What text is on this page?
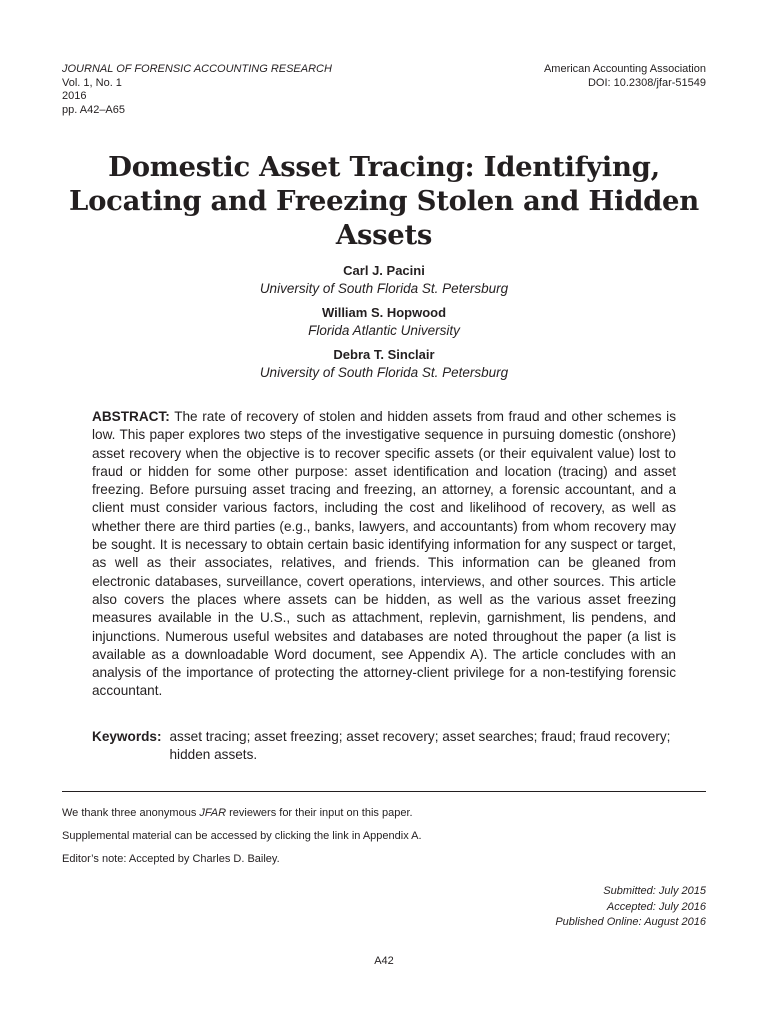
JOURNAL OF FORENSIC ACCOUNTING RESEARCH
Vol. 1, No. 1
2016
pp. A42–A65
American Accounting Association
DOI: 10.2308/jfar-51549
Domestic Asset Tracing: Identifying, Locating and Freezing Stolen and Hidden Assets
Carl J. Pacini
University of South Florida St. Petersburg
William S. Hopwood
Florida Atlantic University
Debra T. Sinclair
University of South Florida St. Petersburg

ABSTRACT: The rate of recovery of stolen and hidden assets from fraud and other schemes is low. This paper explores two steps of the investigative sequence in pursuing domestic (onshore) asset recovery when the objective is to recover specific assets (or their equivalent value) lost to fraud or hidden for some other purpose: asset identification and location (tracing) and asset freezing. Before pursuing asset tracing and freezing, an attorney, a forensic accountant, and a client must consider various factors, including the cost and likelihood of recovery, as well as whether there are third parties (e.g., banks, lawyers, and accountants) from whom recovery may be sought. It is necessary to obtain certain basic identifying information for any suspect or target, as well as their associates, relatives, and friends. This information can be gleaned from electronic databases, surveillance, covert operations, interviews, and other sources. This article also covers the places where assets can be hidden, as well as the various asset freezing measures available in the U.S., such as attachment, replevin, garnishment, lis pendens, and injunctions. Numerous useful websites and databases are noted throughout the paper (a list is available as a downloadable Word document, see Appendix A). The article concludes with an analysis of the importance of protecting the attorney-client privilege for a non-testifying forensic accountant.

Keywords: asset tracing; asset freezing; asset recovery; asset searches; fraud; fraud recovery; hidden assets.

We thank three anonymous JFAR reviewers for their input on this paper.

Supplemental material can be accessed by clicking the link in Appendix A.

Editor’s note: Accepted by Charles D. Bailey.

Submitted: July 2015
Accepted: July 2016
Published Online: August 2016
A42
